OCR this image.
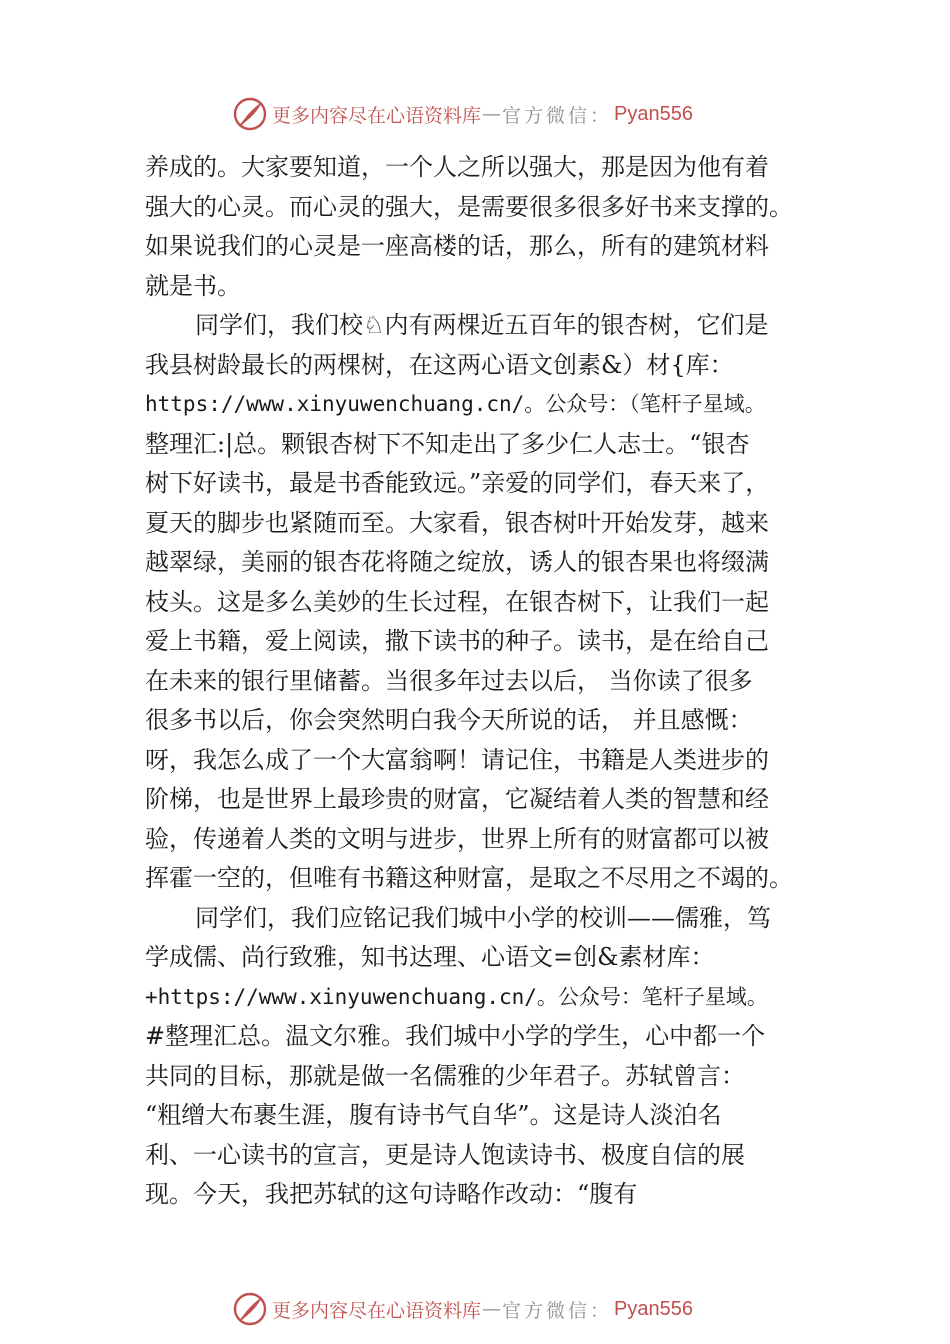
更多内容尽在心语资料库 — 官方微信： Pyan556
养成的。大家要知道，一个人之所以强大，那是因为他有着
强大的心灵。而心灵的强大，是需要很多很多好书来支撑的。
如果说我们的心灵是一座高楼的话，那么，所有的建筑材料
就是书。
同学们，我们校♘内有两棵近五百年的银杏树，它们是
我县树龄最长的两棵树，在这两心语文创素&）材{库：
https://www.xinyuwenchuang.cn/。公众号：（笔杆子星域。
整理汇:|总。颗银杏树下不知走出了多少仁人志士。“银杏
树下好读书，最是书香能致远。”亲爱的同学们，春天来了，
夏天的脚步也紧随而至。大家看，银杏树叶开始发芽，越来
越翠绿，美丽的银杏花将随之绽放，诱人的银杏果也将缀满
枝头。这是多么美妙的生长过程，在银杏树下，让我们一起
爱上书籍，爱上阅读，撒下读书的种子。读书，是在给自己
在未来的银行里储蓄。当很多年过去以后， 当你读了很多
很多书以后，你会突然明白我今天所说的话， 并且感慨：
呀，我怎么成了一个大富翁啊！请记住，书籍是人类进步的
阶梯，也是世界上最珍贵的财富，它凝结着人类的智慧和经
验，传递着人类的文明与进步，世界上所有的财富都可以被
挥霍一空的，但唯有书籍这种财富，是取之不尽用之不竭的。
同学们，我们应铭记我们城中小学的校训——儒雅，笃
学成儒、尚行致雅，知书达理、心语文=创&素材库：
+https://www.xinyuwenchuang.cn/。公众号：笔杆子星域。
#整理汇总。温文尔雅。我们城中小学的学生，心中都一个
共同的目标，那就是做一名儒雅的少年君子。苏轼曾言：
“粗缯大布裹生涯，腹有诗书气自华”。这是诗人淡泊名
利、一心读书的宣言，更是诗人饱读诗书、极度自信的展
现。今天，我把苏轼的这句诗略作改动：“腹有
更多内容尽在心语资料库 — 官方微信： Pyan556
